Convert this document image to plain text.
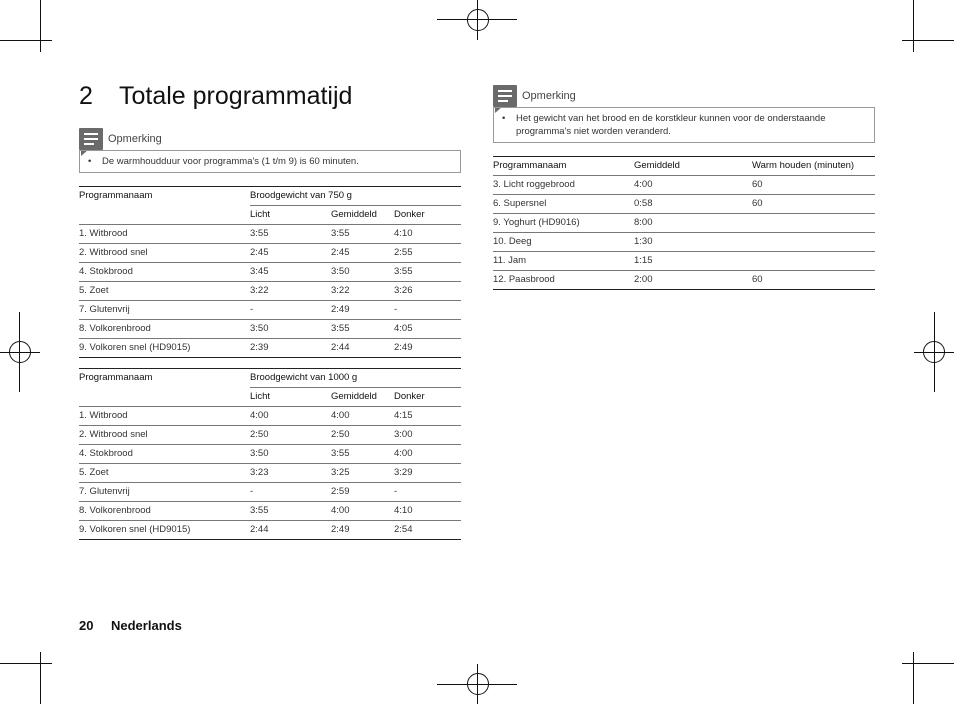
2 Totale programmatijd
Opmerking
• De warmhoudduur voor programma's (1 t/m 9) is 60 minuten.
Programmanaam	Broodgewicht van 750 g		
	Licht	Gemiddeld	Donker
1. Witbrood	3:55	3:55	4:10
2. Witbrood snel	2:45	2:45	2:55
4. Stokbrood	3:45	3:50	3:55
5. Zoet	3:22	3:22	3:26
7. Glutenvrij	-	2:49	-
8. Volkorenbrood	3:50	3:55	4:05
9. Volkoren snel (HD9015)	2:39	2:44	2:49
Programmanaam	Broodgewicht van 1000 g		
	Licht	Gemiddeld	Donker
1. Witbrood	4:00	4:00	4:15
2. Witbrood snel	2:50	2:50	3:00
4. Stokbrood	3:50	3:55	4:00
5. Zoet	3:23	3:25	3:29
7. Glutenvrij	-	2:59	-
8. Volkorenbrood	3:55	4:00	4:10
9. Volkoren snel (HD9015)	2:44	2:49	2:54
Opmerking
• Het gewicht van het brood en de korstkleur kunnen voor de onderstaande
programma's niet worden veranderd.
Programmanaam	Gemiddeld	Warm houden (minuten)
3. Licht roggebrood	4:00	60
6. Supersnel	0:58	60
9. Yoghurt (HD9016)	8:00	
10. Deeg	1:30	
11. Jam	1:15	
12. Paasbrood	2:00	60
20 Nederlands
